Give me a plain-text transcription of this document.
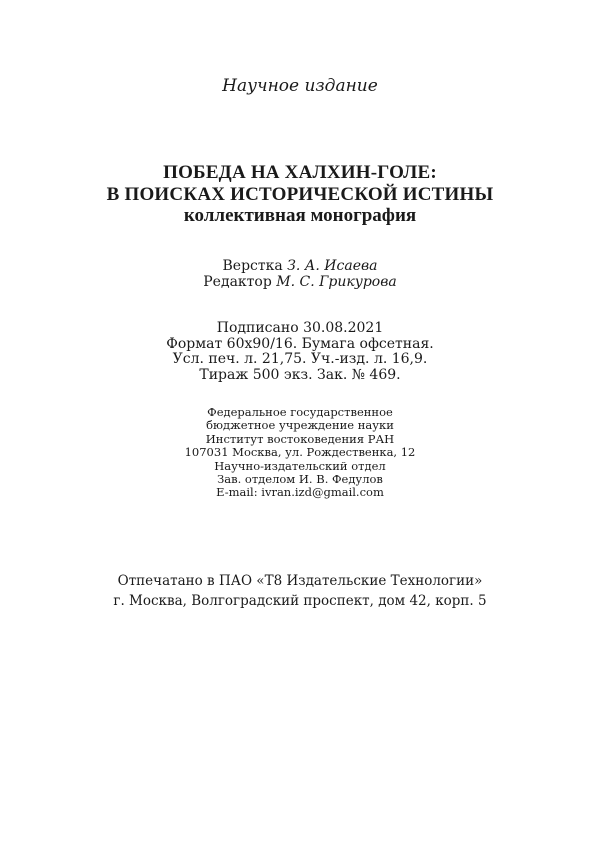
Научное издание
ПОБЕДА НА ХАЛХИН-ГОЛЕ:
В ПОИСКАХ ИСТОРИЧЕСКОЙ ИСТИНЫ
коллективная монография
Верстка З. А. Исаева
Редактор М. С. Грикурова
Подписано 30.08.2021
Формат 60x90/16. Бумага офсетная.
Усл. печ. л. 21,75. Уч.-изд. л. 16,9.
Тираж 500 экз. Зак. № 469.
Федеральное государственное
бюджетное учреждение науки
Институт востоковедения РАН
107031 Москва, ул. Рождественка, 12
Научно-издательский отдел
Зав. отделом И. В. Федулов
E-mail: ivran.izd@gmail.com
Отпечатано в ПАО «Т8 Издательские Технологии»
г. Москва, Волгоградский проспект, дом 42, корп. 5
